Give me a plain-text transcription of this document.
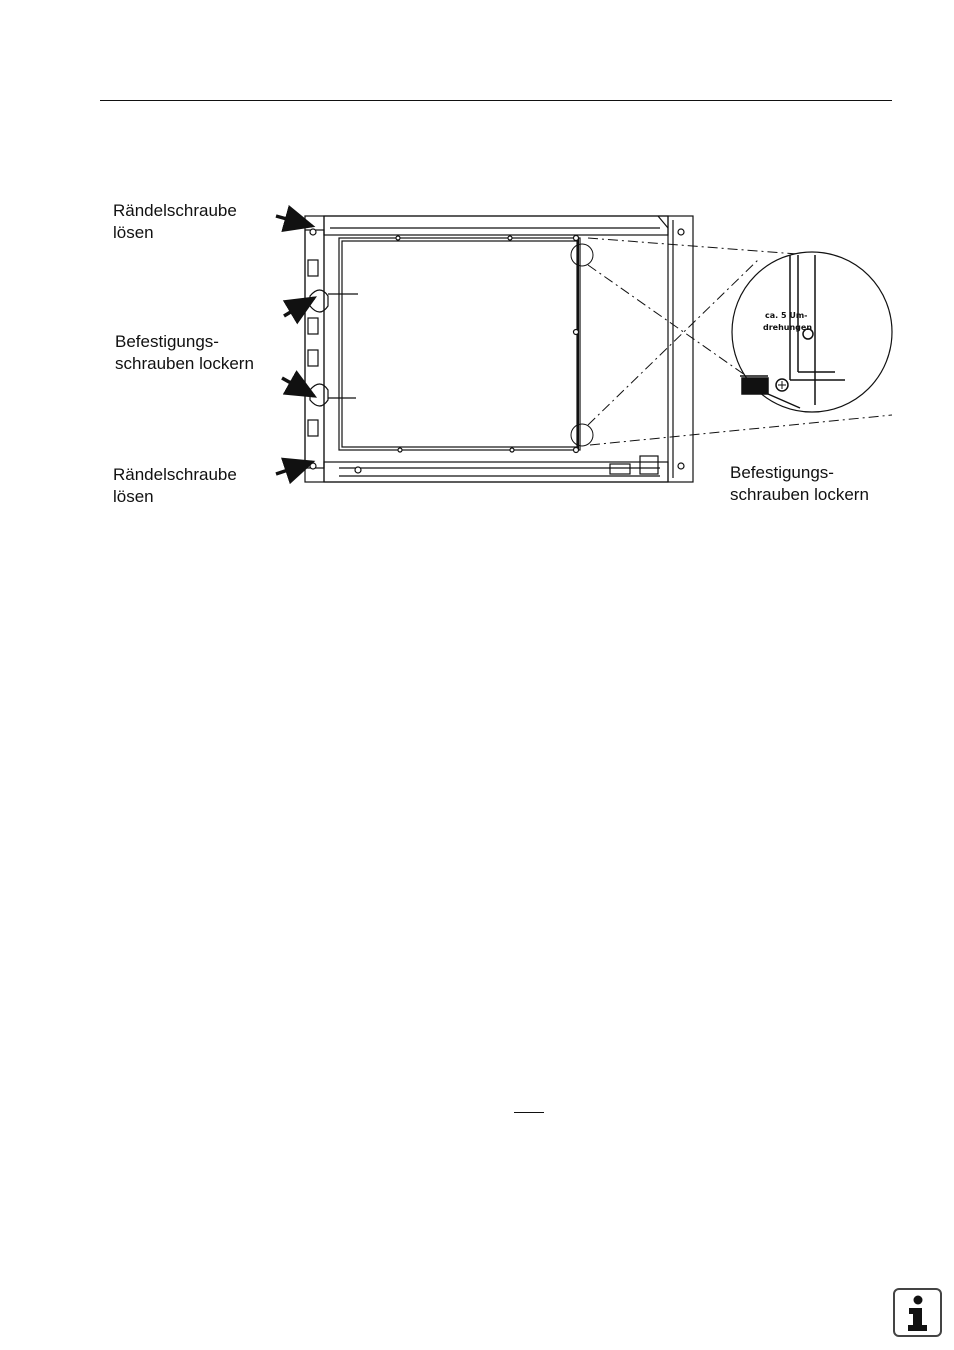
ca. 5 Um-
drehungen
Rändelschraube
lösen
Befestigungs-
schrauben lockern
Rändelschraube
lösen
Befestigungs-
schrauben lockern
